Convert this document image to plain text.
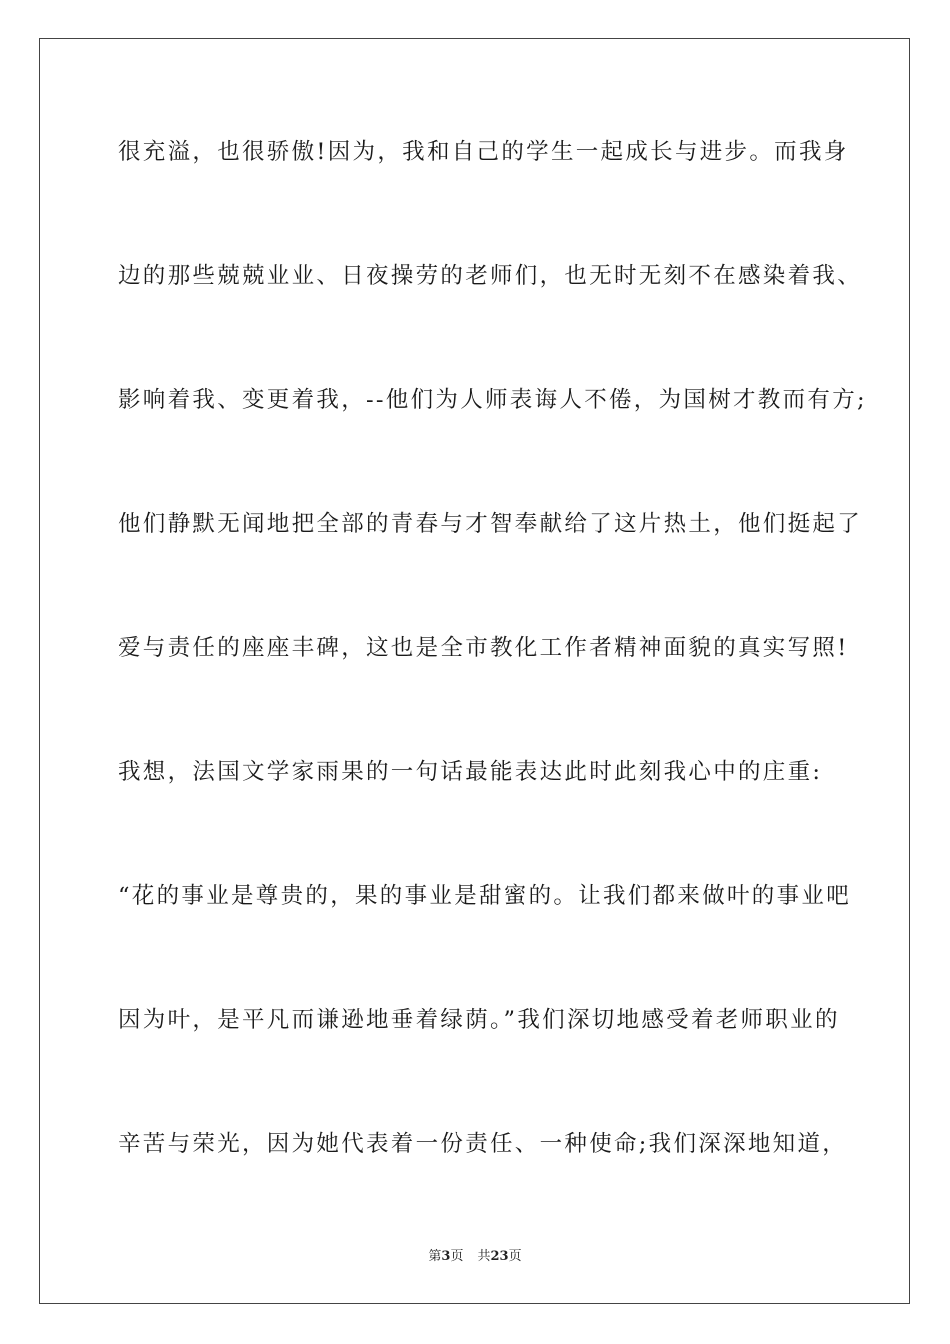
很充溢，也很骄傲!因为，我和自己的学生一起成长与进步。而我身
边的那些兢兢业业、日夜操劳的老师们，也无时无刻不在感染着我、
影响着我、变更着我，--他们为人师表诲人不倦，为国树才教而有方;
他们静默无闻地把全部的青春与才智奉献给了这片热土，他们挺起了
爱与责任的座座丰碑，这也是全市教化工作者精神面貌的真实写照!
我想，法国文学家雨果的一句话最能表达此时此刻我心中的庄重:
“花的事业是尊贵的，果的事业是甜蜜的。让我们都来做叶的事业吧
因为叶，是平凡而谦逊地垂着绿荫。”我们深切地感受着老师职业的
辛苦与荣光，因为她代表着一份责任、一种使命;我们深深地知道，
第3页 共23页
